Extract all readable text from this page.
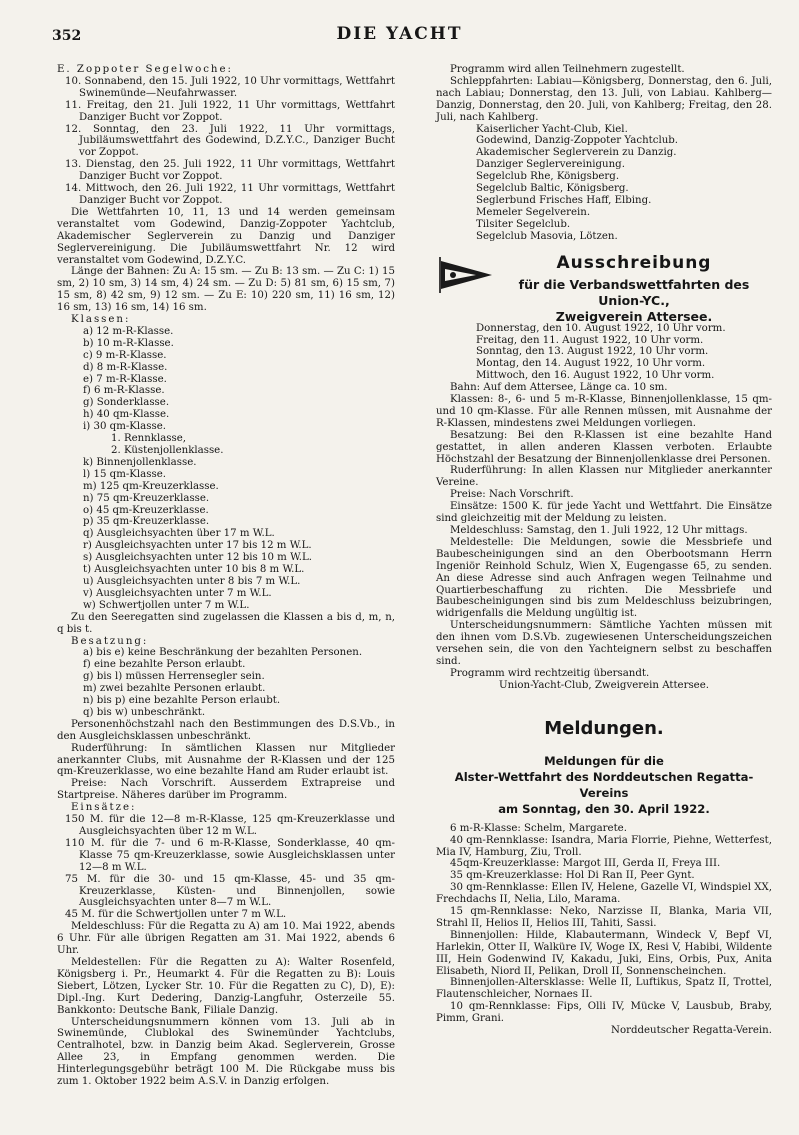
352	DIE YACHT

E. Zoppoter Segelwoche:

10. Sonnabend, den 15. Juli 1922, 10 Uhr vormittags, Wettfahrt Swinemünde—Neufahrwasser.

11. Freitag, den 21. Juli 1922, 11 Uhr vormittags, Wettfahrt Danziger Bucht vor Zoppot.

12. Sonntag, den 23. Juli 1922, 11 Uhr vormittags, Jubiläumswettfahrt des Godewind, D.Z.Y.C., Danziger Bucht vor Zoppot.

13. Dienstag, den 25. Juli 1922, 11 Uhr vormittags, Wettfahrt Danziger Bucht vor Zoppot.

14. Mittwoch, den 26. Juli 1922, 11 Uhr vormittags, Wettfahrt Danziger Bucht vor Zoppot.

Die Wettfahrten 10, 11, 13 und 14 werden gemeinsam veranstaltet vom Godewind, Danzig-Zoppoter Yachtclub, Akademischer Seglerverein zu Danzig und Danziger Seglervereinigung. Die Jubiläumswettfahrt Nr. 12 wird veranstaltet vom Godewind, D.Z.Y.C.

Länge der Bahnen: Zu A: 15 sm. — Zu B: 13 sm. — Zu C: 1) 15 sm, 2) 10 sm, 3) 14 sm, 4) 24 sm. — Zu D: 5) 81 sm, 6) 15 sm, 7) 15 sm, 8) 42 sm, 9) 12 sm. — Zu E: 10) 220 sm, 11) 16 sm, 12) 16 sm, 13) 16 sm, 14) 16 sm.

Klassen:

a) 12 m-R-Klasse.

b) 10 m-R-Klasse.

c) 9 m-R-Klasse.

d) 8 m-R-Klasse.

e) 7 m-R-Klasse.

f) 6 m-R-Klasse.

g) Sonderklasse.

h) 40 qm-Klasse.

i) 30 qm-Klasse.

1. Rennklasse,

2. Küstenjollenklasse.

k) Binnenjollenklasse.

l) 15 qm-Klasse.

m) 125 qm-Kreuzerklasse.

n) 75 qm-Kreuzerklasse.

o) 45 qm-Kreuzerklasse.

p) 35 qm-Kreuzerklasse.

q) Ausgleichsyachten über 17 m W.L.

r) Ausgleichsyachten unter 17 bis 12 m W.L.

s) Ausgleichsyachten unter 12 bis 10 m W.L.

t) Ausgleichsyachten unter 10 bis 8 m W.L.

u) Ausgleichsyachten unter 8 bis 7 m W.L.

v) Ausgleichsyachten unter 7 m W.L.

w) Schwertjollen unter 7 m W.L.

Zu den Seeregatten sind zugelassen die Klassen a bis d, m, n, q bis t.

Besatzung:

a) bis e) keine Beschränkung der bezahlten Personen.

f) eine bezahlte Person erlaubt.

g) bis l) müssen Herrensegler sein.

m) zwei bezahlte Personen erlaubt.

n) bis p) eine bezahlte Person erlaubt.

q) bis w) unbeschränkt.

Personenhöchstzahl nach den Bestimmungen des D.S.Vb., in den Ausgleichsklassen unbeschränkt.

Ruderführung: In sämtlichen Klassen nur Mitglieder anerkannter Clubs, mit Ausnahme der R-Klassen und der 125 qm-Kreuzerklasse, wo eine bezahlte Hand am Ruder erlaubt ist.

Preise: Nach Vorschrift. Ausserdem Extrapreise und Startpreise. Näheres darüber im Programm.

Einsätze:

150 M. für die 12—8 m-R-Klasse, 125 qm-Kreuzerklasse und Ausgleichsyachten über 12 m W.L.

110 M. für die 7- und 6 m-R-Klasse, Sonderklasse, 40 qm-Klasse 75 qm-Kreuzerklasse, sowie Ausgleichsklassen unter 12—8 m W.L.

75 M. für die 30- und 15 qm-Klasse, 45- und 35 qm-Kreuzerklasse, Küsten- und Binnenjollen, sowie Ausgleichsyachten unter 8—7 m W.L.

45 M. für die Schwertjollen unter 7 m W.L.

Meldeschluss: Für die Regatta zu A) am 10. Mai 1922, abends 6 Uhr. Für alle übrigen Regatten am 31. Mai 1922, abends 6 Uhr.

Meldestellen: Für die Regatten zu A): Walter Rosenfeld, Königsberg i. Pr., Heumarkt 4. Für die Regatten zu B): Louis Siebert, Lötzen, Lycker Str. 10. Für die Regatten zu C), D), E): Dipl.-Ing. Kurt Dedering, Danzig-Langfuhr, Osterzeile 55. Bankkonto: Deutsche Bank, Filiale Danzig.

Unterscheidungsnummern können vom 13. Juli ab in Swinemünde, Clublokal des Swinemünder Yachtclubs, Centralhotel, bzw. in Danzig beim Akad. Seglerverein, Grosse Allee 23, in Empfang genommen werden. Die Hinterlegungsgebühr beträgt 100 M. Die Rückgabe muss bis zum 1. Oktober 1922 beim A.S.V. in Danzig erfolgen.

Programm wird allen Teilnehmern zugestellt.

Schleppfahrten: Labiau—Königsberg, Donnerstag, den 6. Juli, nach Labiau; Donnerstag, den 13. Juli, von Labiau. Kahlberg—Danzig, Donnerstag, den 20. Juli, von Kahlberg; Freitag, den 28. Juli, nach Kahlberg.

Kaiserlicher Yacht-Club, Kiel.

Godewind, Danzig-Zoppoter Yachtclub.

Akademischer Seglerverein zu Danzig.

Danziger Seglervereinigung.

Segelclub Rhe, Königsberg.

Segelclub Baltic, Königsberg.

Seglerbund Frisches Haff, Elbing.

Memeler Segelverein.

Tilsiter Segelclub.

Segelclub Masovia, Lötzen.

Ausschreibung
für die Verbandswettfahrten des Union-YC.,
Zweigverein Attersee.

Donnerstag, den 10. August 1922, 10 Uhr vorm.

Freitag, den 11. August 1922, 10 Uhr vorm.

Sonntag, den 13. August 1922, 10 Uhr vorm.

Montag, den 14. August 1922, 10 Uhr vorm.

Mittwoch, den 16. August 1922, 10 Uhr vorm.

Bahn: Auf dem Attersee, Länge ca. 10 sm.

Klassen: 8-, 6- und 5 m-R-Klasse, Binnenjollenklasse, 15 qm- und 10 qm-Klasse. Für alle Rennen müssen, mit Ausnahme der R-Klassen, mindestens zwei Meldungen vorliegen.

Besatzung: Bei den R-Klassen ist eine bezahlte Hand gestattet, in allen anderen Klassen verboten. Erlaubte Höchstzahl der Besatzung der Binnenjollenklasse drei Personen.

Ruderführung: In allen Klassen nur Mitglieder anerkannter Vereine.

Preise: Nach Vorschrift.

Einsätze: 1500 K. für jede Yacht und Wettfahrt. Die Einsätze sind gleichzeitig mit der Meldung zu leisten.

Meldeschluss: Samstag, den 1. Juli 1922, 12 Uhr mittags.

Meldestelle: Die Meldungen, sowie die Messbriefe und Baubescheinigungen sind an den Oberbootsmann Herrn Ingeniör Reinhold Schulz, Wien X, Eugengasse 65, zu senden. An diese Adresse sind auch Anfragen wegen Teilnahme und Quartierbeschaffung zu richten. Die Messbriefe und Baubescheinigungen sind bis zum Meldeschluss beizubringen, widrigenfalls die Meldung ungültig ist.

Unterscheidungsnummern: Sämtliche Yachten müssen mit den ihnen vom D.S.Vb. zugewiesenen Unterscheidungszeichen versehen sein, die von den Yachteignern selbst zu beschaffen sind.

Programm wird rechtzeitig übersandt.

Union-Yacht-Club, Zweigverein Attersee.

Meldungen.
Meldungen für die
Alster-Wettfahrt des Norddeutschen Regatta-Vereins
am Sonntag, den 30. April 1922.

6 m-R-Klasse: Schelm, Margarete.

40 qm-Rennklasse: Isandra, Maria Florrie, Piehne, Wetterfest, Mia IV, Hamburg, Ziu, Troll.

45qm-Kreuzerklasse: Margot III, Gerda II, Freya III.

35 qm-Kreuzerklasse: Hol Di Ran II, Peer Gynt.

30 qm-Rennklasse: Ellen IV, Helene, Gazelle VI, Windspiel XX, Frechdachs II, Nelia, Lilo, Marama.

15 qm-Rennklasse: Neko, Narzisse II, Blanka, Maria VII, Strahl II, Helios II, Helios III, Tahiti, Sassi.

Binnenjollen: Hilde, Klabautermann, Windeck V, Bepf VI, Harlekin, Otter II, Walküre IV, Woge IX, Resi V, Habibi, Wildente III, Hein Godenwind IV, Kakadu, Juki, Eins, Orbis, Pux, Anita Elisabeth, Niord II, Pelikan, Droll II, Sonnenscheinchen.

Binnenjollen-Altersklasse: Welle II, Luftikus, Spatz II, Trottel, Flautenschleicher, Nornaes II.

10 qm-Rennklasse: Fips, Olli IV, Mücke V, Lausbub, Braby, Pimm, Grani.

Norddeutscher Regatta-Verein.
